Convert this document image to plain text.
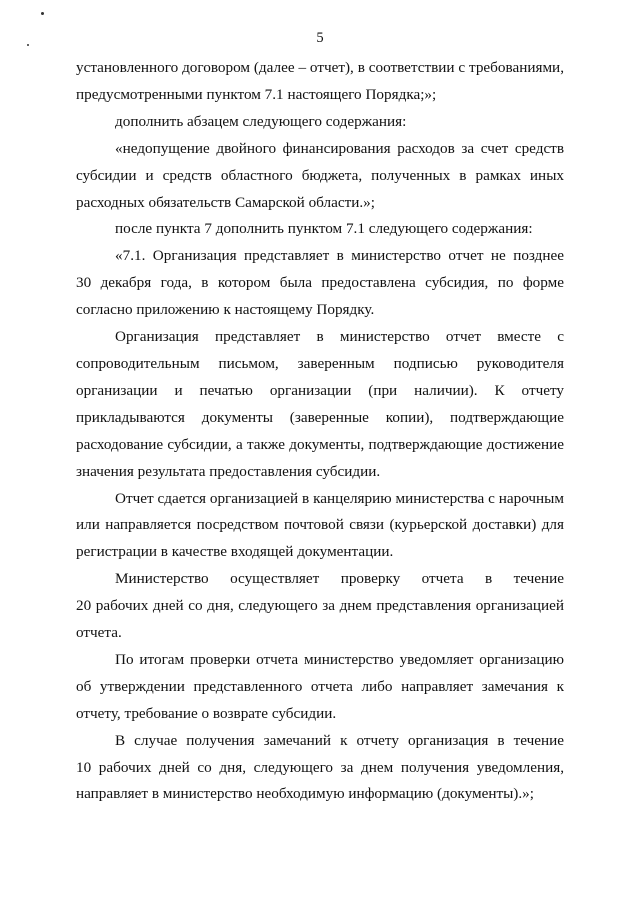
5
установленного договором (далее – отчет), в соответствии с требованиями,
предусмотренными пунктом 7.1 настоящего Порядка;»;
дополнить абзацем следующего содержания:
«недопущение двойного финансирования расходов за счет средств
субсидии и средств областного бюджета, полученных в рамках иных
расходных обязательств Самарской области.»;
после пункта 7 дополнить пунктом 7.1 следующего содержания:
«7.1. Организация представляет в министерство отчет не позднее
30 декабря года, в котором была предоставлена субсидия, по форме
согласно приложению к настоящему Порядку.
Организация представляет в министерство отчет вместе с
сопроводительным письмом, заверенным подписью руководителя
организации и печатью организации (при наличии). К отчету
прикладываются документы (заверенные копии), подтверждающие
расходование субсидии, а также документы, подтверждающие достижение
значения результата предоставления субсидии.
Отчет сдается организацией в канцелярию министерства с нарочным
или направляется посредством почтовой связи (курьерской доставки) для
регистрации в качестве входящей документации.
Министерство осуществляет проверку отчета в течение
20 рабочих дней со дня, следующего за днем представления организацией
отчета.
По итогам проверки отчета министерство уведомляет организацию
об утверждении представленного отчета либо направляет замечания к
отчету, требование о возврате субсидии.
В случае получения замечаний к отчету организация в течение
10 рабочих дней со дня, следующего за днем получения уведомления,
направляет в министерство необходимую информацию (документы).»;
